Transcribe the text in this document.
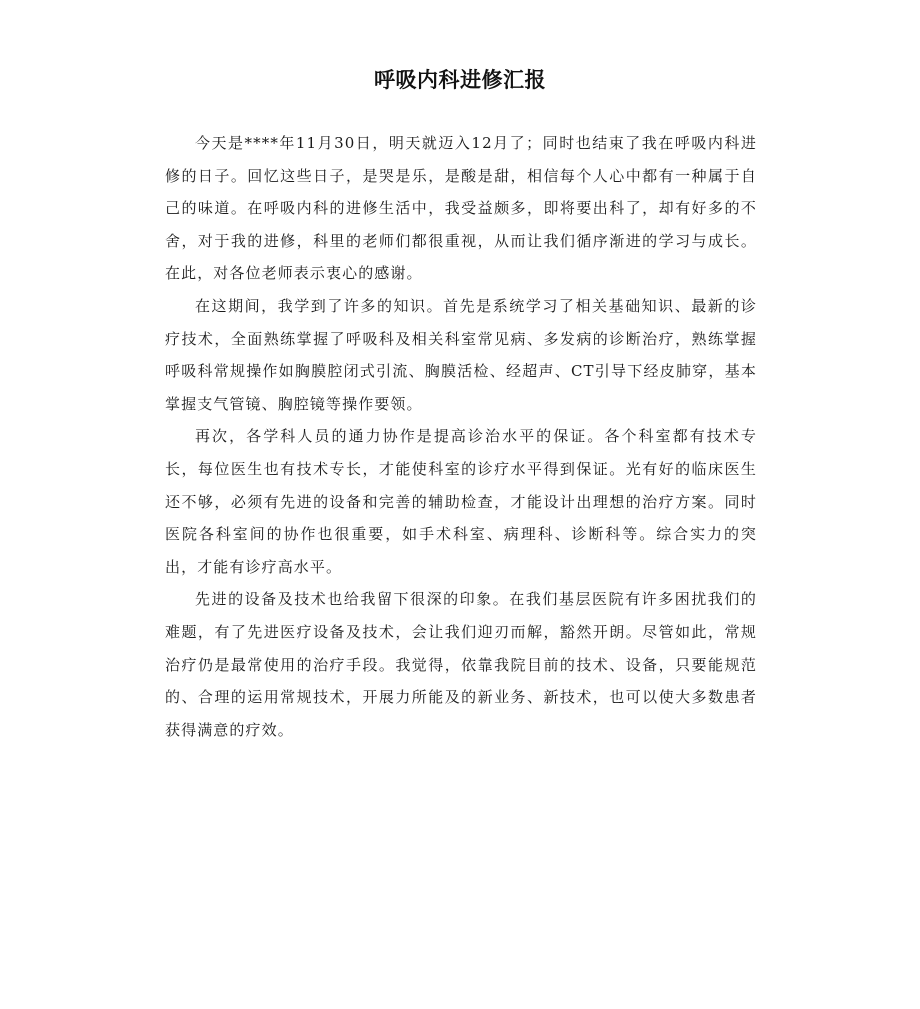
呼吸内科进修汇报

今天是****年11月30日，明天就迈入12月了；同时也结束了我在呼吸内科进修的日子。回忆这些日子，是哭是乐，是酸是甜，相信每个人心中都有一种属于自己的味道。在呼吸内科的进修生活中，我受益颇多，即将要出科了，却有好多的不舍，对于我的进修，科里的老师们都很重视，从而让我们循序渐进的学习与成长。在此，对各位老师表示衷心的感谢。

在这期间，我学到了许多的知识。首先是系统学习了相关基础知识、最新的诊疗技术，全面熟练掌握了呼吸科及相关科室常见病、多发病的诊断治疗，熟练掌握呼吸科常规操作如胸膜腔闭式引流、胸膜活检、经超声、CT引导下经皮肺穿，基本掌握支气管镜、胸腔镜等操作要领。

再次，各学科人员的通力协作是提高诊治水平的保证。各个科室都有技术专长，每位医生也有技术专长，才能使科室的诊疗水平得到保证。光有好的临床医生还不够，必须有先进的设备和完善的辅助检查，才能设计出理想的治疗方案。同时医院各科室间的协作也很重要，如手术科室、病理科、诊断科等。综合实力的突出，才能有诊疗高水平。

先进的设备及技术也给我留下很深的印象。在我们基层医院有许多困扰我们的难题，有了先进医疗设备及技术，会让我们迎刃而解，豁然开朗。尽管如此，常规治疗仍是最常使用的治疗手段。我觉得，依靠我院目前的技术、设备，只要能规范的、合理的运用常规技术，开展力所能及的新业务、新技术，也可以使大多数患者获得满意的疗效。
